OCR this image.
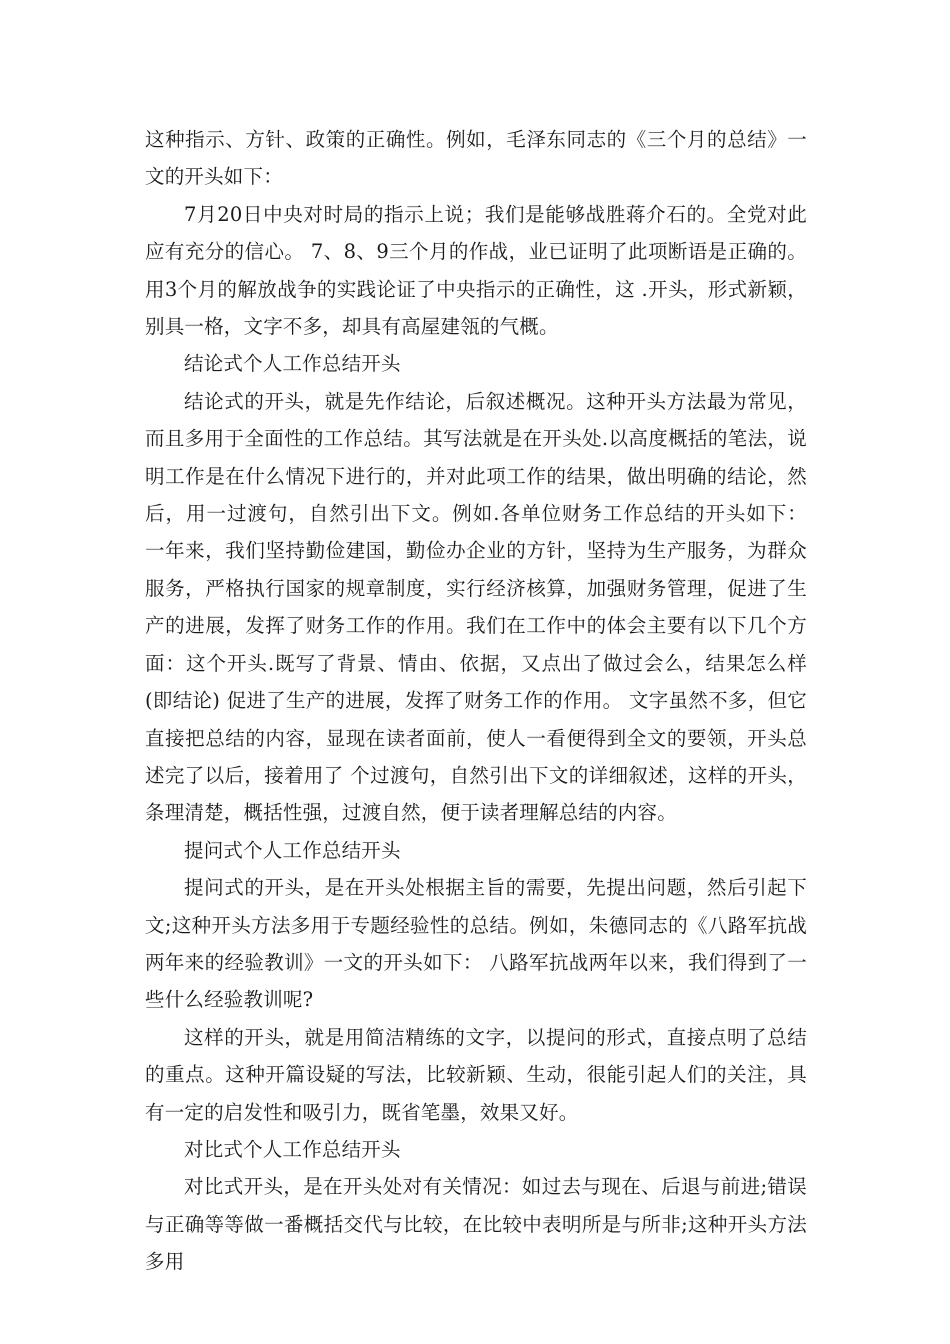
这种指示、方针、政策的正确性。例如，毛泽东同志的《三个月的总结》一文的开头如下：

7月20日中央对时局的指示上说；我们是能够战胜蒋介石的。全党对此应有充分的信心。 7、8、9三个月的作战，业已证明了此项断语是正确的。用3个月的解放战争的实践论证了中央指示的正确性，这 .开头，形式新颖，别具一格，文字不多，却具有高屋建瓴的气概。

结论式个人工作总结开头

结论式的开头，就是先作结论，后叙述概况。这种开头方法最为常见，而且多用于全面性的工作总结。其写法就是在开头处.以高度概括的笔法，说明工作是在什么情况下进行的，并对此项工作的结果，做出明确的结论，然后，用一过渡句，自然引出下文。例如.各单位财务工作总结的开头如下： 一年来，我们坚持勤俭建国，勤俭办企业的方针，坚持为生产服务，为群众服务，严格执行国家的规章制度，实行经济核算，加强财务管理，促进了生产的进展，发挥了财务工作的作用。我们在工作中的体会主要有以下几个方面：这个开头.既写了背景、情由、依据，又点出了做过会么，结果怎么样(即结论) 促进了生产的进展，发挥了财务工作的作用。 文字虽然不多，但它直接把总结的内容，显现在读者面前，使人一看便得到全文的要领，开头总述完了以后，接着用了 个过渡句，自然引出下文的详细叙述，这样的开头，条理清楚，概括性强，过渡自然，便于读者理解总结的内容。

提问式个人工作总结开头

提问式的开头，是在开头处根据主旨的需要，先提出问题，然后引起下文;这种开头方法多用于专题经验性的总结。例如，朱德同志的《八路军抗战两年来的经验教训》一文的开头如下： 八路军抗战两年以来，我们得到了一些什么经验教训呢?

这样的开头，就是用简洁精练的文字，以提问的形式，直接点明了总结的重点。这种开篇设疑的写法，比较新颖、生动，很能引起人们的关注，具有一定的启发性和吸引力，既省笔墨，效果又好。

对比式个人工作总结开头

对比式开头，是在开头处对有关情况：如过去与现在、后退与前进;错误与正确等等做一番概括交代与比较，在比较中表明所是与所非;这种开头方法多用
